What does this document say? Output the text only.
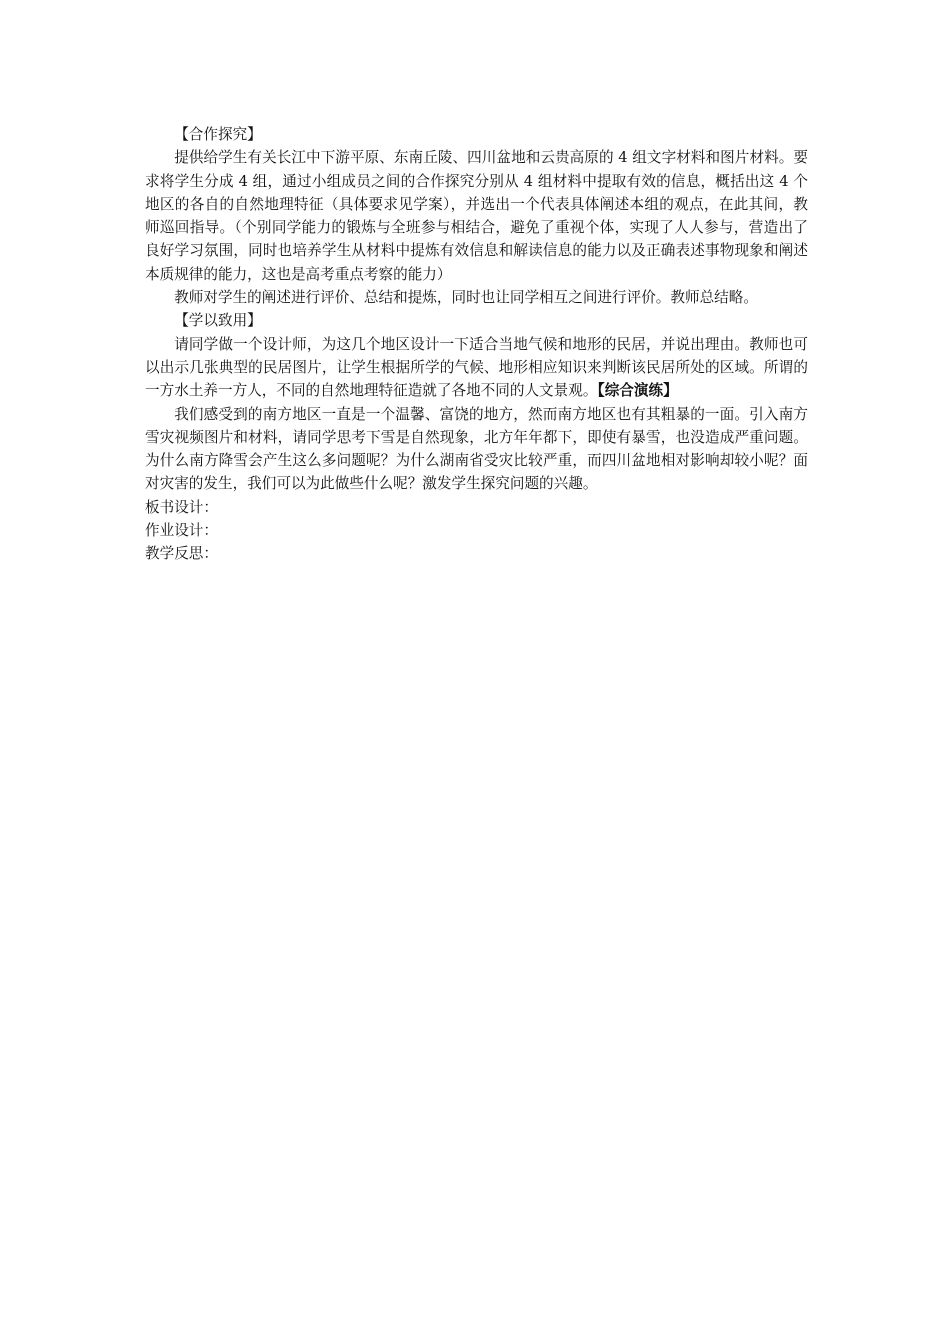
【合作探究】

提供给学生有关长江中下游平原、东南丘陵、四川盆地和云贵高原的 4 组文字材料和图片材料。要求将学生分成 4 组，通过小组成员之间的合作探究分别从 4 组材料中提取有效的信息，概括出这 4 个地区的各自的自然地理特征（具体要求见学案），并选出一个代表具体阐述本组的观点，在此其间，教师巡回指导。（个别同学能力的锻炼与全班参与相结合，避免了重视个体，实现了人人参与，营造出了良好学习氛围，同时也培养学生从材料中提炼有效信息和解读信息的能力以及正确表述事物现象和阐述本质规律的能力，这也是高考重点考察的能力）

教师对学生的阐述进行评价、总结和提炼，同时也让同学相互之间进行评价。教师总结略。

【学以致用】

请同学做一个设计师，为这几个地区设计一下适合当地气候和地形的民居，并说出理由。教师也可以出示几张典型的民居图片，让学生根据所学的气候、地形相应知识来判断该民居所处的区域。所谓的一方水土养一方人，不同的自然地理特征造就了各地不同的人文景观。【综合演练】

我们感受到的南方地区一直是一个温馨、富饶的地方，然而南方地区也有其粗暴的一面。引入南方雪灾视频图片和材料，请同学思考下雪是自然现象，北方年年都下，即使有暴雪，也没造成严重问题。为什么南方降雪会产生这么多问题呢？为什么湖南省受灾比较严重，而四川盆地相对影响却较小呢？面对灾害的发生，我们可以为此做些什么呢？激发学生探究问题的兴趣。

板书设计：

作业设计：

教学反思：
